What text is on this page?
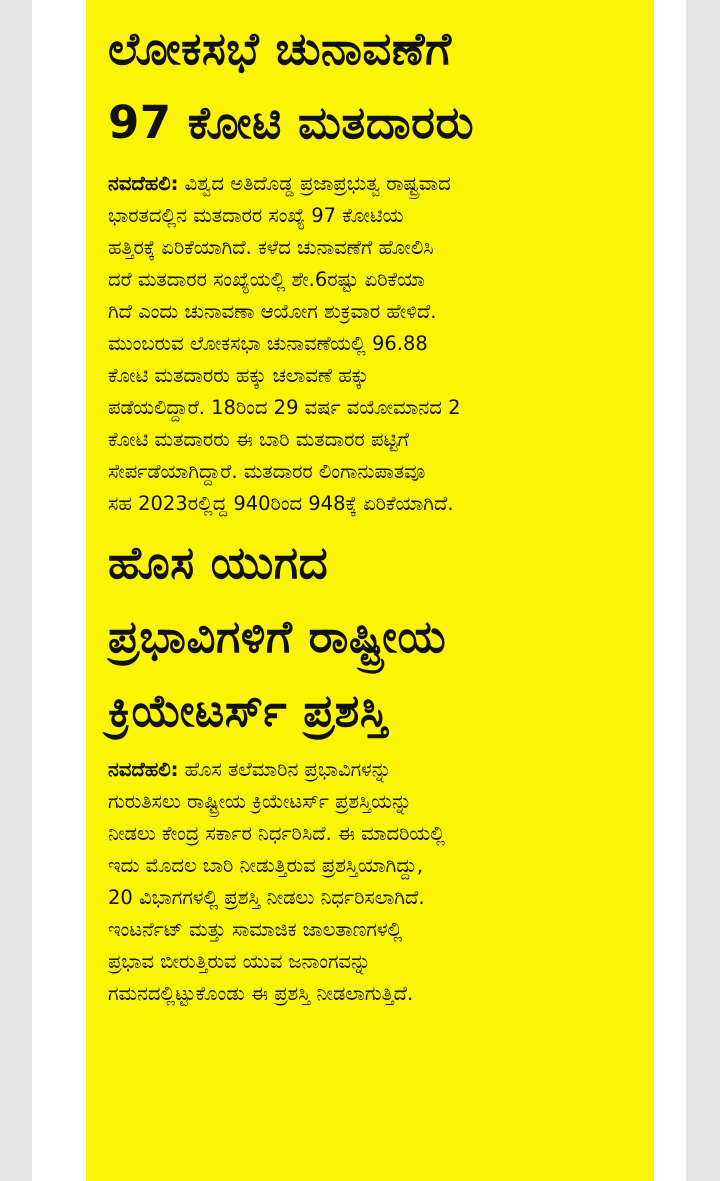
ಲೋಕಸಭೆ ಚುನಾವಣೆಗೆ
97 ಕೋಟಿ ಮತದಾರರು

ನವದೆಹಲಿ: ವಿಶ್ವದ ಅತಿದೊಡ್ಡ ಪ್ರಜಾಪ್ರಭುತ್ವ ರಾಷ್ಟ್ರವಾದ
ಭಾರತದಲ್ಲಿನ ಮತದಾರರ ಸಂಖ್ಯೆ 97 ಕೋಟಿಯ
ಹತ್ತಿರಕ್ಕೆ ಏರಿಕೆಯಾಗಿದೆ. ಕಳೆದ ಚುನಾವಣೆಗೆ ಹೋಲಿಸಿ
ದರೆ ಮತದಾರರ ಸಂಖ್ಯೆಯಲ್ಲಿ ಶೇ.6ರಷ್ಟು ಏರಿಕೆಯಾ
ಗಿದೆ ಎಂದು ಚುನಾವಣಾ ಆಯೋಗ ಶುಕ್ರವಾರ ಹೇಳಿದೆ.
ಮುಂಬರುವ ಲೋಕಸಭಾ ಚುನಾವಣೆಯಲ್ಲಿ 96.88
ಕೋಟಿ ಮತದಾರರು ಹಕ್ಕು ಚಲಾವಣೆ ಹಕ್ಕು
ಪಡೆಯಲಿದ್ದಾರೆ. 18ರಿಂದ 29 ವರ್ಷ ವಯೋಮಾನದ 2
ಕೋಟಿ ಮತದಾರರು ಈ ಬಾರಿ ಮತದಾರರ ಪಟ್ಟಿಗೆ
ಸೇರ್ಪಡೆಯಾಗಿದ್ದಾರೆ. ಮತದಾರರ ಲಿಂಗಾನುಪಾತವೂ
ಸಹ 2023ರಲ್ಲಿದ್ದ 940ರಿಂದ 948ಕ್ಕೆ ಏರಿಕೆಯಾಗಿದೆ.

ಹೊಸ ಯುಗದ
ಪ್ರಭಾವಿಗಳಿಗೆ ರಾಷ್ಟ್ರೀಯ
ಕ್ರಿಯೇಟರ್ಸ್ ಪ್ರಶಸ್ತಿ

ನವದೆಹಲಿ: ಹೊಸ ತಲೆಮಾರಿನ ಪ್ರಭಾವಿಗಳನ್ನು
ಗುರುತಿಸಲು ರಾಷ್ಟ್ರೀಯ ಕ್ರಿಯೇಟರ್ಸ್ ಪ್ರಶಸ್ತಿಯನ್ನು
ನೀಡಲು ಕೇಂದ್ರ ಸರ್ಕಾರ ನಿರ್ಧರಿಸಿದೆ. ಈ ಮಾದರಿಯಲ್ಲಿ
ಇದು ಮೊದಲ ಬಾರಿ ನೀಡುತ್ತಿರುವ ಪ್ರಶಸ್ತಿಯಾಗಿದ್ದು,
20 ವಿಭಾಗಗಳಲ್ಲಿ ಪ್ರಶಸ್ತಿ ನೀಡಲು ನಿರ್ಧರಿಸಲಾಗಿದೆ.
ಇಂಟರ್ನೆಟ್ ಮತ್ತು ಸಾಮಾಜಿಕ ಜಾಲತಾಣಗಳಲ್ಲಿ
ಪ್ರಭಾವ ಬೀರುತ್ತಿರುವ ಯುವ ಜನಾಂಗವನ್ನು
ಗಮನದಲ್ಲಿಟ್ಟುಕೊಂಡು ಈ ಪ್ರಶಸ್ತಿ ನೀಡಲಾಗುತ್ತಿದೆ.
